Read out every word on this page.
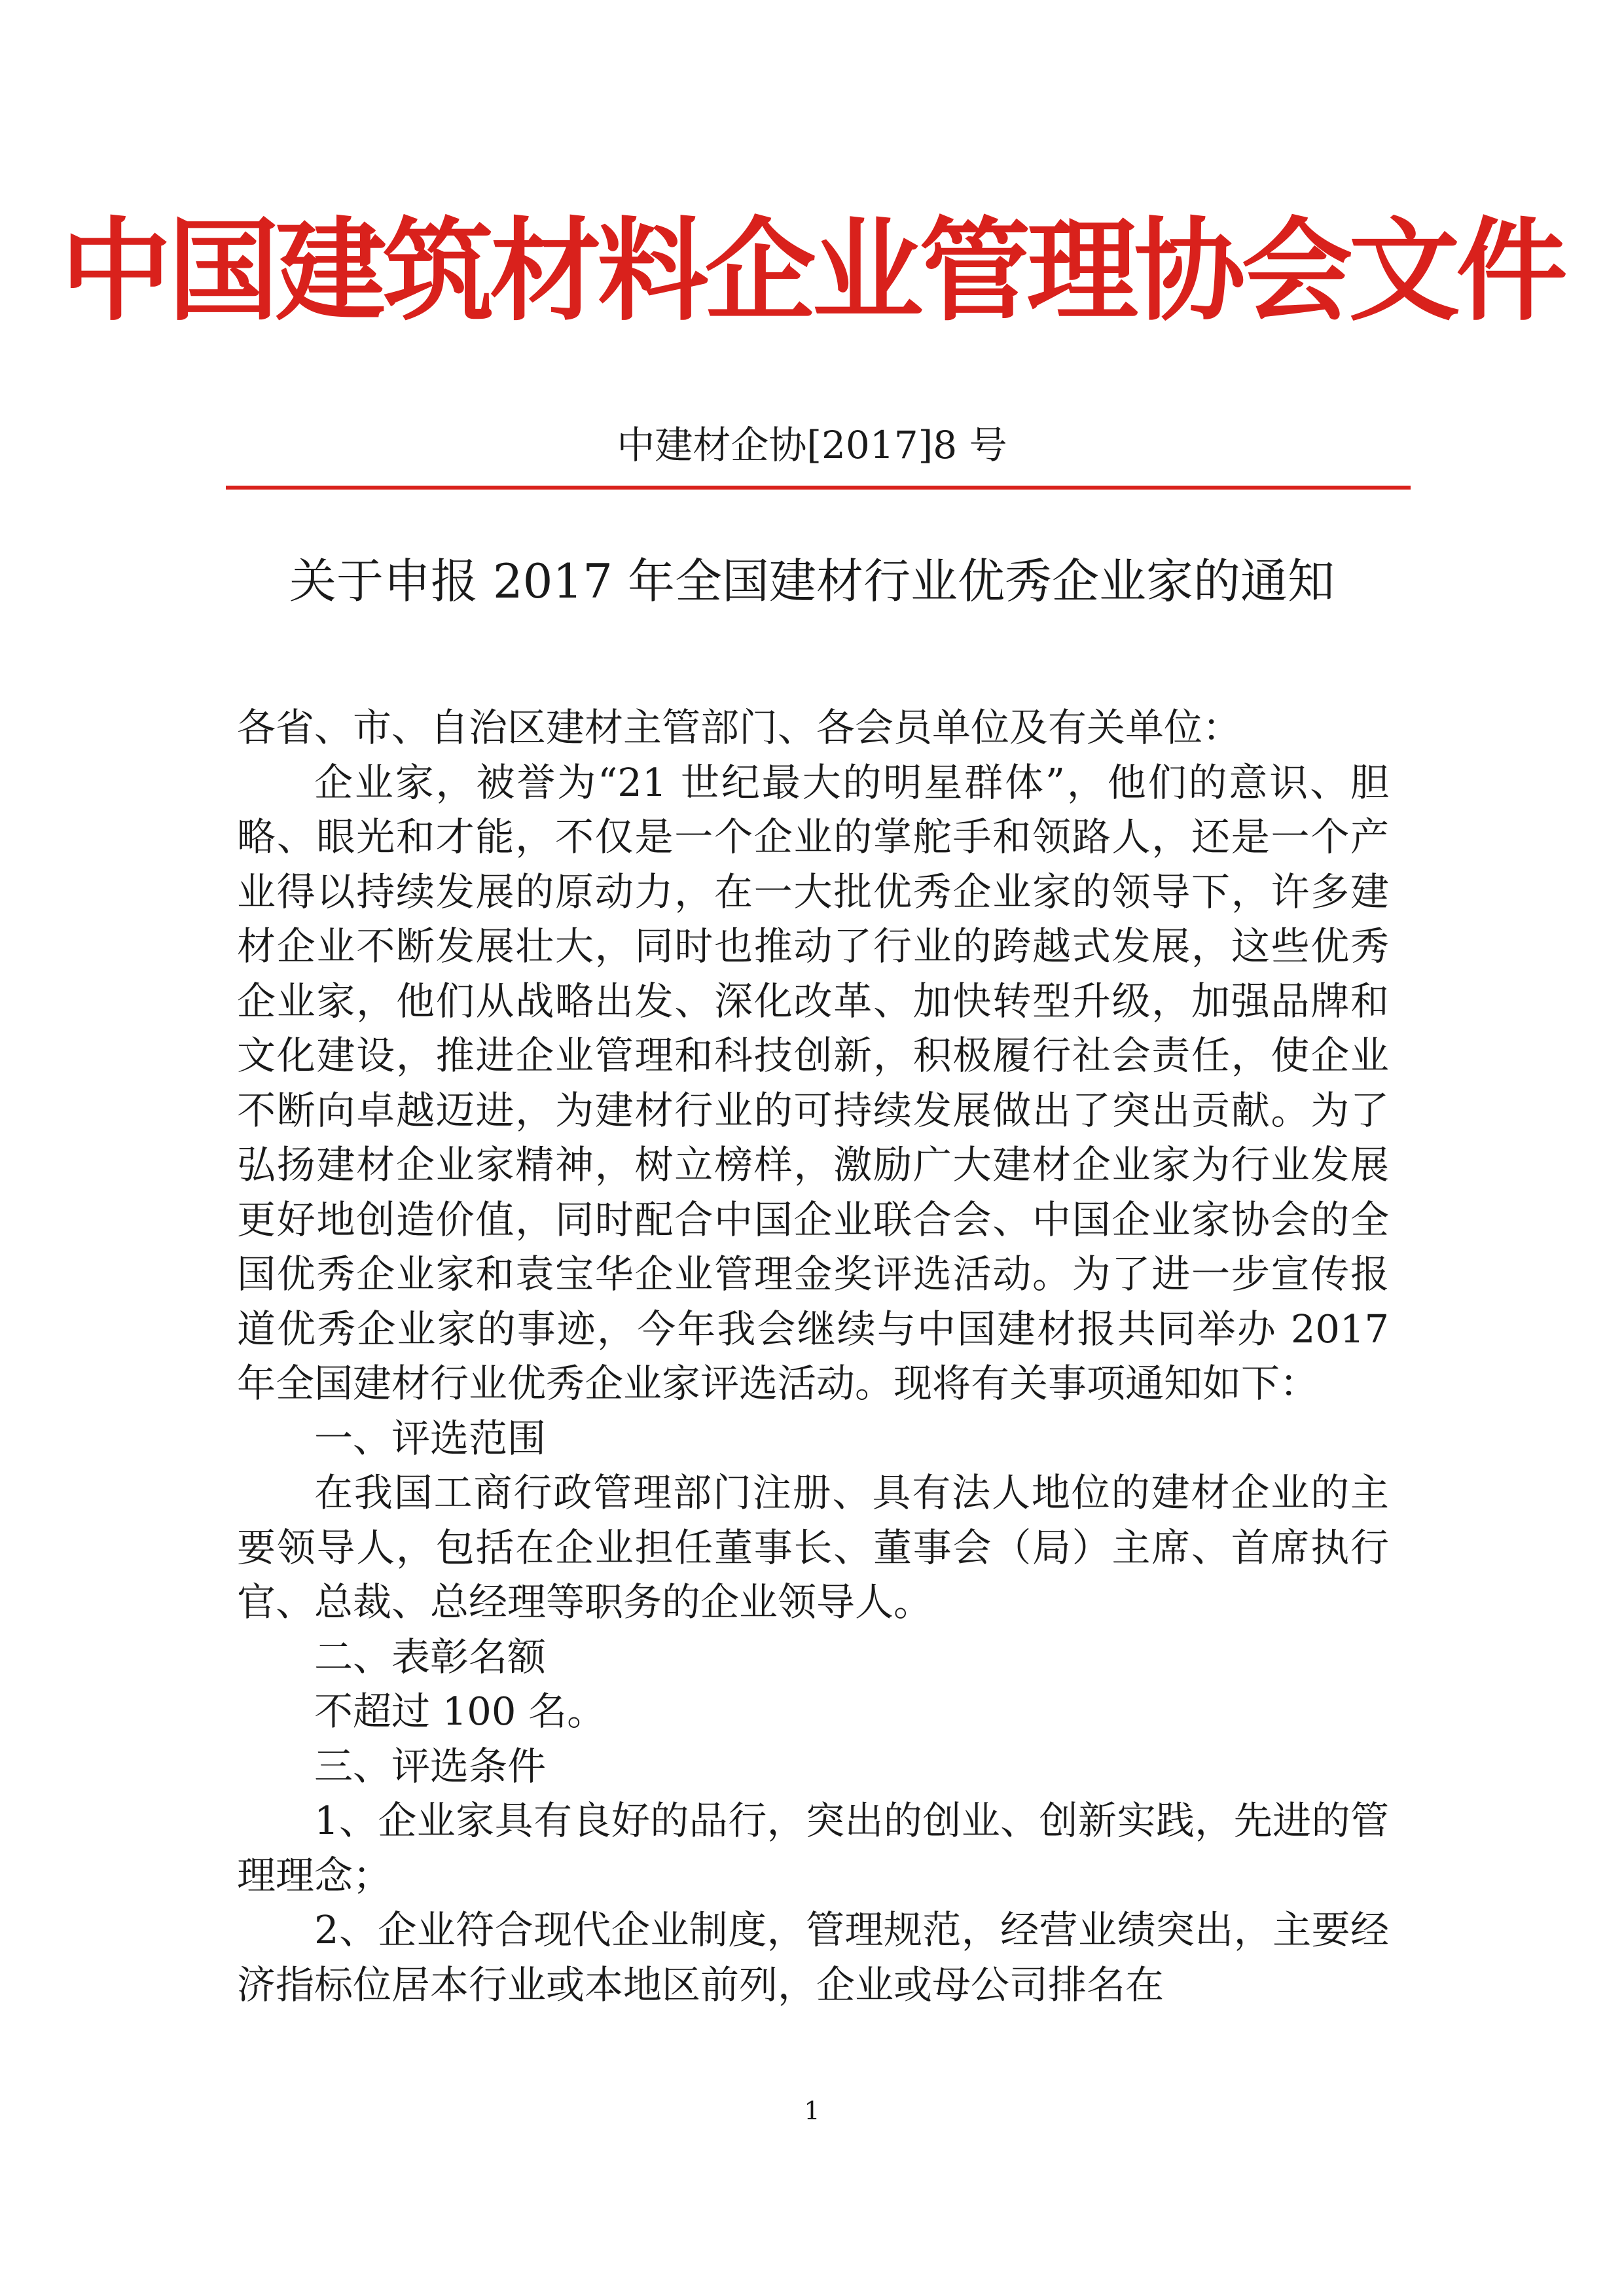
中国建筑材料企业管理协会文件
中建材企协[2017]8 号
关于申报 2017 年全国建材行业优秀企业家的通知

各省、市、自治区建材主管部门、各会员单位及有关单位：

企业家，被誉为“21 世纪最大的明星群体”，他们的意识、胆略、眼光和才能，不仅是一个企业的掌舵手和领路人，还是一个产业得以持续发展的原动力，在一大批优秀企业家的领导下，许多建材企业不断发展壮大，同时也推动了行业的跨越式发展，这些优秀企业家，他们从战略出发、深化改革、加快转型升级，加强品牌和文化建设，推进企业管理和科技创新，积极履行社会责任，使企业不断向卓越迈进，为建材行业的可持续发展做出了突出贡献。为了弘扬建材企业家精神，树立榜样，激励广大建材企业家为行业发展更好地创造价值，同时配合中国企业联合会、中国企业家协会的全国优秀企业家和袁宝华企业管理金奖评选活动。为了进一步宣传报道优秀企业家的事迹，今年我会继续与中国建材报共同举办 2017 年全国建材行业优秀企业家评选活动。现将有关事项通知如下：

一、评选范围

在我国工商行政管理部门注册、具有法人地位的建材企业的主要领导人，包括在企业担任董事长、董事会（局）主席、首席执行官、总裁、总经理等职务的企业领导人。

二、表彰名额

不超过 100 名。

三、评选条件

1、企业家具有良好的品行，突出的创业、创新实践，先进的管理理念；

2、企业符合现代企业制度，管理规范，经营业绩突出，主要经济指标位居本行业或本地区前列，企业或母公司排名在

1
